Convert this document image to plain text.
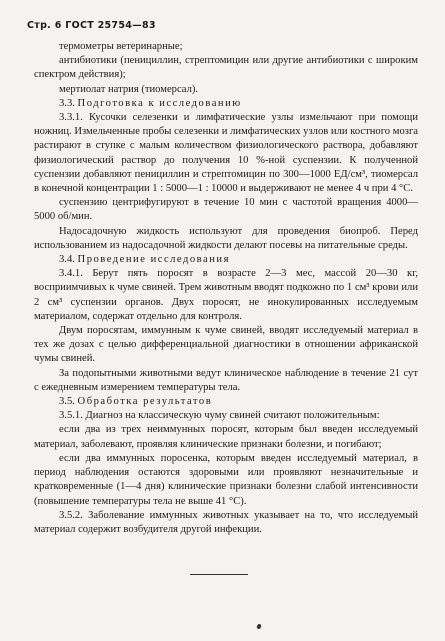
Стр. 6 ГОСТ 25754—83

термометры ветеринарные;

антибиотики (пенициллин, стрептомицин или другие антибиотики с широким спектром действия);

мертиолат натрия (тиомерсал).

3.3. Подготовка к исследованию

3.3.1. Кусочки селезенки и лимфатические узлы измельчают при помощи ножниц. Измельченные пробы селезенки и лимфатических узлов или костного мозга растирают в ступке с малым количеством физиологического раствора, добавляют физиологический раствор до получения 10 %-ной суспензии. К полученной суспензии добавляют пенициллин и стрептомицин по 300—1000 ЕД/см³, тиомерсал в конечной концентрации 1 : 5000—1 : 10000 и выдерживают не менее 4 ч при 4 °С.

суспензию центрифугируют в течение 10 мин с частотой вращения 4000—5000 об/мин.

Надосадочную жидкость используют для проведения биопроб. Перед использованием из надосадочной жидкости делают посевы на питательные среды.

3.4. Проведение исследования

3.4.1. Берут пять поросят в возрасте 2—3 мес, массой 20—30 кг, восприимчивых к чуме свиней. Трем животным вводят подкожно по 1 см³ крови или 2 см³ суспензии органов. Двух поросят, не инокулированных исследуемым материалом, содержат отдельно для контроля.

Двум поросятам, иммунным к чуме свиней, вводят исследуемый материал в тех же дозах с целью дифференциальной диагностики в отношении африканской чумы свиней.

За подопытными животными ведут клиническое наблюдение в течение 21 сут с ежедневным измерением температуры тела.

3.5. Обработка результатов

3.5.1. Диагноз на классическую чуму свиней считают положительным:

если два из трех неиммунных поросят, которым был введен исследуемый материал, заболевают, проявляя клинические признаки болезни, и погибают;

если два иммунных поросенка, которым введен исследуемый материал, в период наблюдения остаются здоровыми или проявляют незначительные и кратковременные (1—4 дня) клинические признаки болезни слабой интенсивности (повышение температуры тела не выше 41 °С).

3.5.2. Заболевание иммунных животных указывает на то, что исследуемый материал содержит возбудителя другой инфекции.
